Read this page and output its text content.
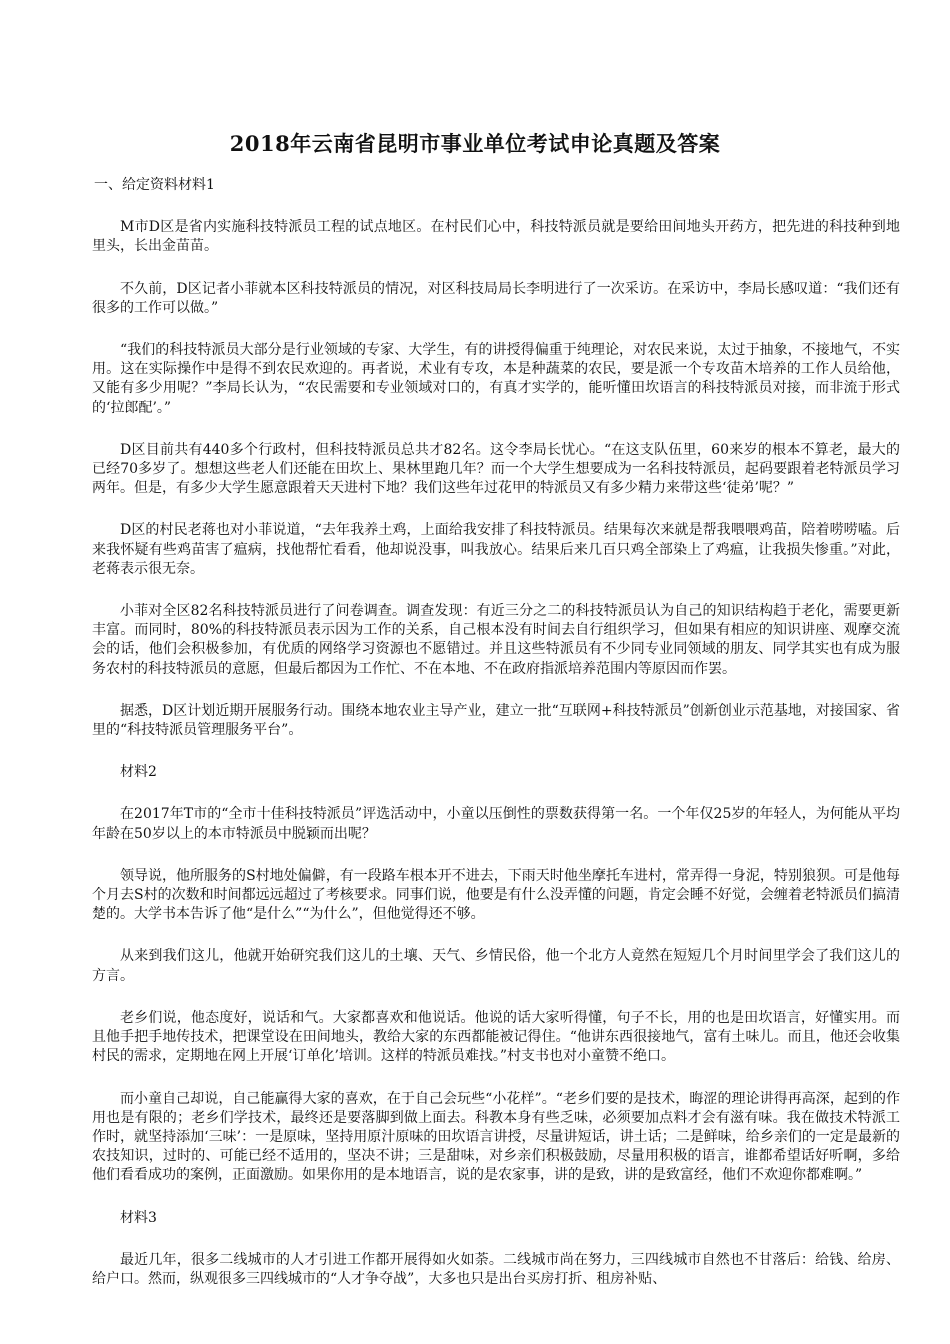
2018年云南省昆明市事业单位考试申论真题及答案
一、给定资料材料1

M市D区是省内实施科技特派员工程的试点地区。在村民们心中，科技特派员就是要给田间地头开药方，把先进的科技种到地里头，长出金苗苗。

不久前，D区记者小菲就本区科技特派员的情况，对区科技局局长李明进行了一次采访。在采访中，李局长感叹道：“我们还有很多的工作可以做。”

“我们的科技特派员大部分是行业领域的专家、大学生，有的讲授得偏重于纯理论，对农民来说，太过于抽象，不接地气，不实用。这在实际操作中是得不到农民欢迎的。再者说，术业有专攻，本是种蔬菜的农民，要是派一个专攻苗木培养的工作人员给他，又能有多少用呢？”李局长认为，“农民需要和专业领域对口的，有真才实学的，能听懂田坎语言的科技特派员对接，而非流于形式的‘拉郎配’。”

D区目前共有440多个行政村，但科技特派员总共才82名。这令李局长忧心。“在这支队伍里，60来岁的根本不算老，最大的已经70多岁了。想想这些老人们还能在田坎上、果林里跑几年？而一个大学生想要成为一名科技特派员，起码要跟着老特派员学习两年。但是，有多少大学生愿意跟着天天进村下地？我们这些年过花甲的特派员又有多少精力来带这些‘徒弟’呢？”

D区的村民老蒋也对小菲说道，“去年我养土鸡，上面给我安排了科技特派员。结果每次来就是帮我喂喂鸡苗，陪着唠唠嗑。后来我怀疑有些鸡苗害了瘟病，找他帮忙看看，他却说没事，叫我放心。结果后来几百只鸡全部染上了鸡瘟，让我损失惨重。”对此，老蒋表示很无奈。

小菲对全区82名科技特派员进行了问卷调查。调查发现：有近三分之二的科技特派员认为自己的知识结构趋于老化，需要更新丰富。而同时，80%的科技特派员表示因为工作的关系，自己根本没有时间去自行组织学习，但如果有相应的知识讲座、观摩交流会的话，他们会积极参加，有优质的网络学习资源也不愿错过。并且这些特派员有不少同专业同领域的朋友、同学其实也有成为服务农村的科技特派员的意愿，但最后都因为工作忙、不在本地、不在政府指派培养范围内等原因而作罢。

据悉，D区计划近期开展服务行动。围绕本地农业主导产业，建立一批“互联网+科技特派员”创新创业示范基地，对接国家、省里的“科技特派员管理服务平台”。

材料2

在2017年T市的“全市十佳科技特派员”评选活动中，小童以压倒性的票数获得第一名。一个年仅25岁的年轻人，为何能从平均年龄在50岁以上的本市特派员中脱颖而出呢？

领导说，他所服务的S村地处偏僻，有一段路车根本开不进去，下雨天时他坐摩托车进村，常弄得一身泥，特别狼狈。可是他每个月去S村的次数和时间都远远超过了考核要求。同事们说，他要是有什么没弄懂的问题，肯定会睡不好觉，会缠着老特派员们搞清楚的。大学书本告诉了他“是什么”“为什么”，但他觉得还不够。

从来到我们这儿，他就开始研究我们这儿的土壤、天气、乡情民俗，他一个北方人竟然在短短几个月时间里学会了我们这儿的方言。

老乡们说，他态度好，说话和气。大家都喜欢和他说话。他说的话大家听得懂，句子不长，用的也是田坎语言，好懂实用。而且他手把手地传技术，把课堂设在田间地头，教给大家的东西都能被记得住。“他讲东西很接地气，富有土味儿。而且，他还会收集村民的需求，定期地在网上开展‘订单化’培训。这样的特派员难找。”村支书也对小童赞不绝口。

而小童自己却说，自己能赢得大家的喜欢，在于自己会玩些“小花样”。“老乡们要的是技术，晦涩的理论讲得再高深，起到的作用也是有限的；老乡们学技术，最终还是要落脚到做上面去。科教本身有些乏味，必须要加点料才会有滋有味。我在做技术特派工作时，就坚持添加‘三味’：一是原味，坚持用原汁原味的田坎语言讲授，尽量讲短话，讲土话；二是鲜味，给乡亲们的一定是最新的农技知识，过时的、可能已经不适用的，坚决不讲；三是甜味，对乡亲们积极鼓励，尽量用积极的语言，谁都希望话好听啊，多给他们看看成功的案例，正面激励。如果你用的是本地语言，说的是农家事，讲的是致，讲的是致富经，他们不欢迎你都难啊。”

材料3

最近几年，很多二线城市的人才引进工作都开展得如火如荼。二线城市尚在努力，三四线城市自然也不甘落后：给钱、给房、给户口。然而，纵观很多三四线城市的“人才争夺战”，大多也只是出台买房打折、租房补贴、
